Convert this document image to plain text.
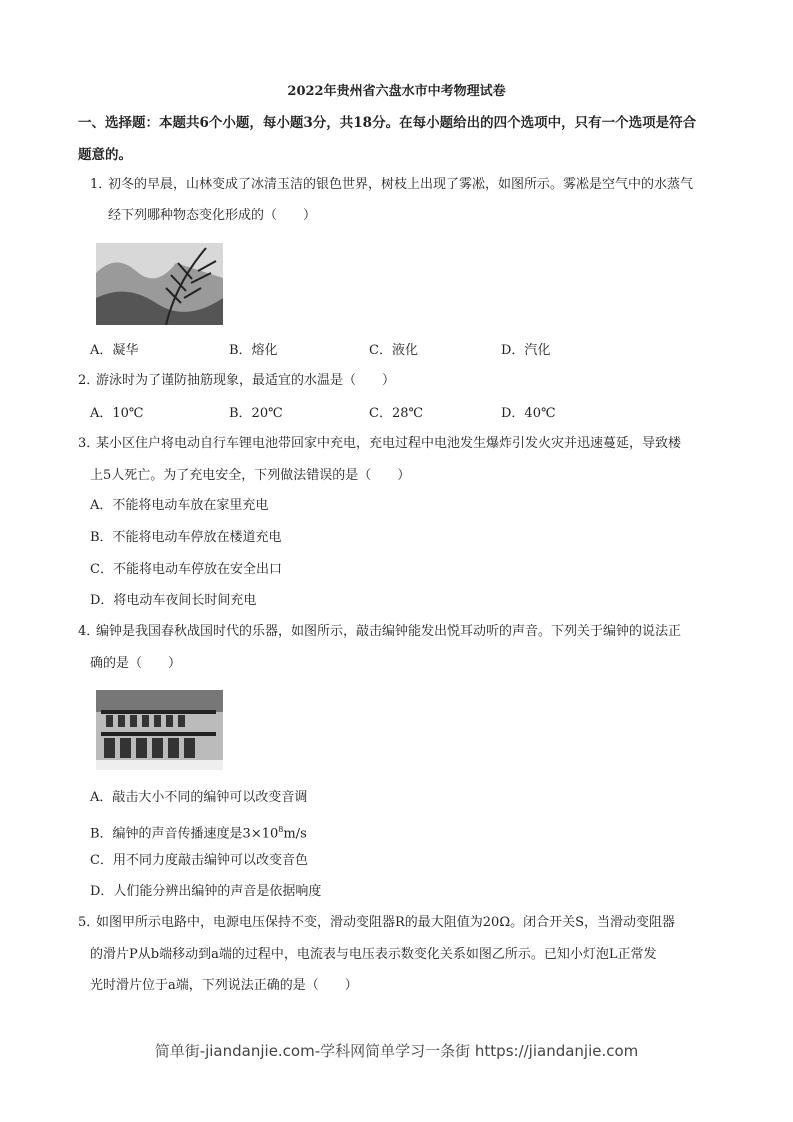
2022年贵州省六盘水市中考物理试卷
一、选择题：本题共6个小题，每小题3分，共18分。在每小题给出的四个选项中，只有一个选项是符合
题意的。
1．
初冬的早晨，山林变成了冰清玉洁的银色世界，树枝上出现了雾凇，如图所示。雾凇是空气中的水蒸气
经下列哪种物态变化形成的（　　）
A．凝华	B．熔化	C．液化	D．汽化
2．
游泳时为了谨防抽筋现象，最适宜的水温是（　　）
A．10℃	B．20℃	C．28℃	D．40℃
3．
某小区住户将电动自行车锂电池带回家中充电，充电过程中电池发生爆炸引发火灾并迅速蔓延，导致楼
上5人死亡。为了充电安全，下列做法错误的是（　　）
A．不能将电动车放在家里充电
B．不能将电动车停放在楼道充电
C．不能将电动车停放在安全出口
D．将电动车夜间长时间充电
4．
编钟是我国春秋战国时代的乐器，如图所示，敲击编钟能发出悦耳动听的声音。下列关于编钟的说法正
确的是（　　）
A．敲击大小不同的编钟可以改变音调
B．编钟的声音传播速度是$3\times 10^8m/s$
C．用不同力度敲击编钟可以改变音色
D．人们能分辨出编钟的声音是依据响度
5．
如图甲所示电路中，电源电压保持不变，滑动变阻器R的最大阻值为20Ω。闭合开关S，当滑动变阻器
的滑片P从b端移动到a端的过程中，电流表与电压表示数变化关系如图乙所示。已知小灯泡L正常发
光时滑片位于a端，下列说法正确的是（　　）
简单街-jiandanjie.com-学科网简单学习一条街 https://jiandanjie.com
